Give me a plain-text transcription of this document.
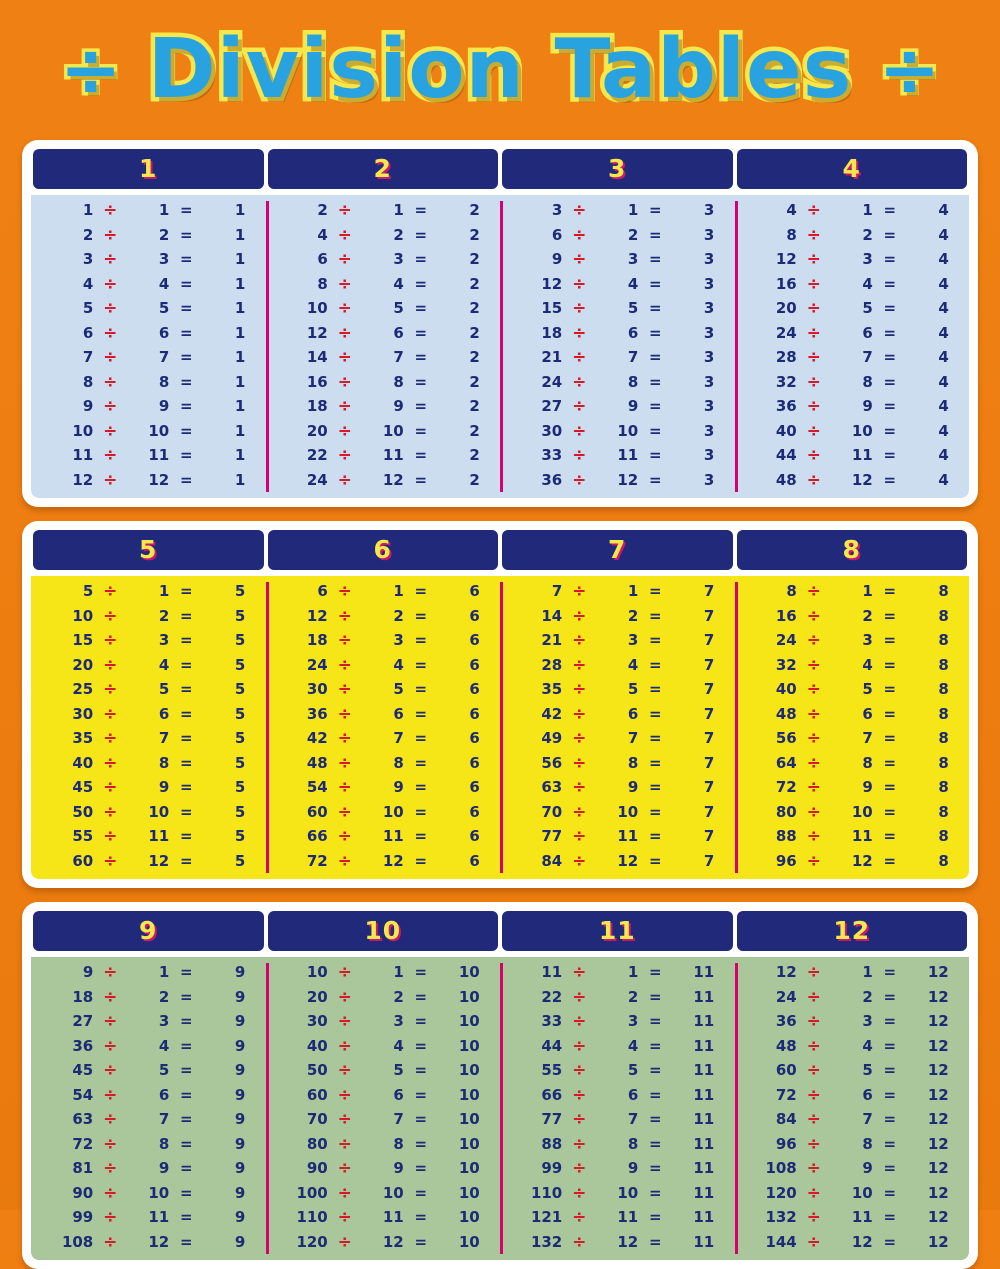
÷ Division Tables ÷
1
1 ÷	1 =	1
2 ÷	2 =	1
3 ÷	3 =	1
4 ÷	4 =	1
5 ÷	5 =	1
6 ÷	6 =	1
7 ÷	7 =	1
8 ÷	8 =	1
9 ÷	9 =	1
10 ÷	10 =	1
11 ÷	11 =	1
12 ÷	12 =	1
2
2 ÷	1 =	2
4 ÷	2 =	2
6 ÷	3 =	2
8 ÷	4 =	2
10 ÷	5 =	2
12 ÷	6 =	2
14 ÷	7 =	2
16 ÷	8 =	2
18 ÷	9 =	2
20 ÷	10 =	2
22 ÷	11 =	2
24 ÷	12 =	2
3
3 ÷	1 =	3
6 ÷	2 =	3
9 ÷	3 =	3
12 ÷	4 =	3
15 ÷	5 =	3
18 ÷	6 =	3
21 ÷	7 =	3
24 ÷	8 =	3
27 ÷	9 =	3
30 ÷	10 =	3
33 ÷	11 =	3
36 ÷	12 =	3
4
4 ÷	1 =	4
8 ÷	2 =	4
12 ÷	3 =	4
16 ÷	4 =	4
20 ÷	5 =	4
24 ÷	6 =	4
28 ÷	7 =	4
32 ÷	8 =	4
36 ÷	9 =	4
40 ÷	10 =	4
44 ÷	11 =	4
48 ÷	12 =	4
5
5 ÷	1 =	5
10 ÷	2 =	5
15 ÷	3 =	5
20 ÷	4 =	5
25 ÷	5 =	5
30 ÷	6 =	5
35 ÷	7 =	5
40 ÷	8 =	5
45 ÷	9 =	5
50 ÷	10 =	5
55 ÷	11 =	5
60 ÷	12 =	5
6
6 ÷	1 =	6
12 ÷	2 =	6
18 ÷	3 =	6
24 ÷	4 =	6
30 ÷	5 =	6
36 ÷	6 =	6
42 ÷	7 =	6
48 ÷	8 =	6
54 ÷	9 =	6
60 ÷	10 =	6
66 ÷	11 =	6
72 ÷	12 =	6
7
7 ÷	1 =	7
14 ÷	2 =	7
21 ÷	3 =	7
28 ÷	4 =	7
35 ÷	5 =	7
42 ÷	6 =	7
49 ÷	7 =	7
56 ÷	8 =	7
63 ÷	9 =	7
70 ÷	10 =	7
77 ÷	11 =	7
84 ÷	12 =	7
8
8 ÷	1 =	8
16 ÷	2 =	8
24 ÷	3 =	8
32 ÷	4 =	8
40 ÷	5 =	8
48 ÷	6 =	8
56 ÷	7 =	8
64 ÷	8 =	8
72 ÷	9 =	8
80 ÷	10 =	8
88 ÷	11 =	8
96 ÷	12 =	8
9
9 ÷	1 =	9
18 ÷	2 =	9
27 ÷	3 =	9
36 ÷	4 =	9
45 ÷	5 =	9
54 ÷	6 =	9
63 ÷	7 =	9
72 ÷	8 =	9
81 ÷	9 =	9
90 ÷	10 =	9
99 ÷	11 =	9
108 ÷	12 =	9
10
10 ÷	1 =	10
20 ÷	2 =	10
30 ÷	3 =	10
40 ÷	4 =	10
50 ÷	5 =	10
60 ÷	6 =	10
70 ÷	7 =	10
80 ÷	8 =	10
90 ÷	9 =	10
100 ÷	10 =	10
110 ÷	11 =	10
120 ÷	12 =	10
11
11 ÷	1 =	11
22 ÷	2 =	11
33 ÷	3 =	11
44 ÷	4 =	11
55 ÷	5 =	11
66 ÷	6 =	11
77 ÷	7 =	11
88 ÷	8 =	11
99 ÷	9 =	11
110 ÷	10 =	11
121 ÷	11 =	11
132 ÷	12 =	11
12
12 ÷	1 =	12
24 ÷	2 =	12
36 ÷	3 =	12
48 ÷	4 =	12
60 ÷	5 =	12
72 ÷	6 =	12
84 ÷	7 =	12
96 ÷	8 =	12
108 ÷	9 =	12
120 ÷	10 =	12
132 ÷	11 =	12
144 ÷	12 =	12
